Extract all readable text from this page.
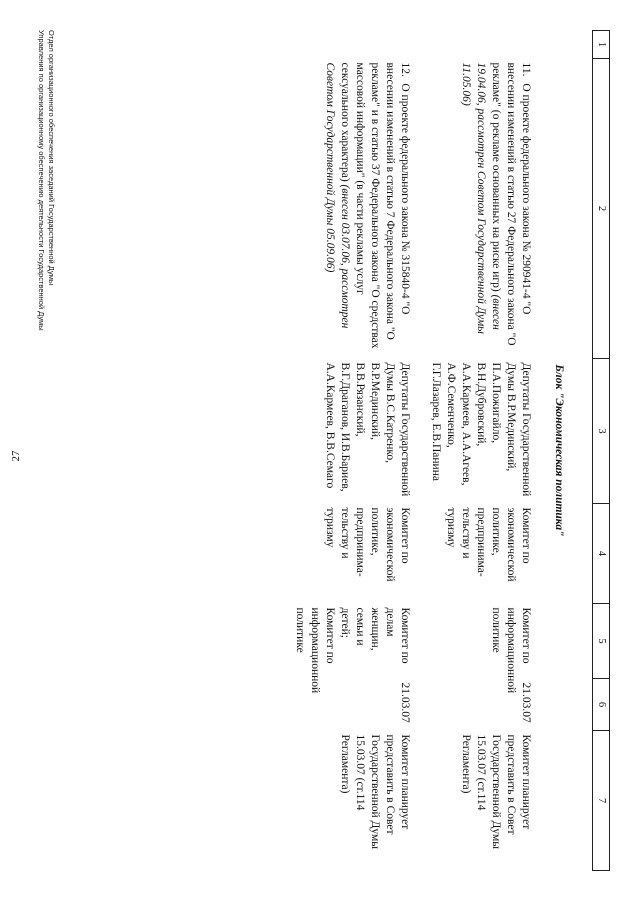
27
1	2	3	4	5	6	7
Блок "Экономическая политика"						
	11. О проекте федерального закона № 290941-4 "О внесении изменений в статью 27 Федерального закона "О рекламе" (о рекламе основанных на риске игр) (внесен 19.04.06, рассмотрен Советом Государственной Думы 11.05.06)	Депутаты Государственной Думы В.Р.Мединский, П.А.Пожигайло, В.Н.Дубровский, А.А.Кармеев, А.А.Агеев, А.Ф.Семенченко, Г.Г.Лазарев, Е.В.Панина	Комитет по экономической политике, предпринима-тельству и туризму	Комитет по информационной политике	21.03.07	Комитет планирует представить в Совет Государственной Думы 15.03.07 (ст.114 Регламента)
	12. О проекте федерального закона № 315840-4 "О внесении изменений в статью 7 Федерального закона "О рекламе" и в статью 37 Федерального закона "О средствах массовой информации" (в части рекламы услуг сексуального характера) (внесен 03.07.06, рассмотрен Советом Государственной Думы 05.09.06)	Депутаты Государственной Думы В.С.Катренко, В.Р.Мединский, В.В.Рязанский, В.Г.Драганов, И.В.Бариев, А.А.Кармеев, В.В.Семаго	Комитет по экономической политике, предпринима-тельству и туризму	Комитет по делам женщин, семьи и детей; Комитет по информационной политике	21.03.07	Комитет планирует представить в Совет Государственной Думы 15.03.07 (ст.114 Регламента)
Отдел организационного обеспечения заседаний Государственной Думы
Управления по организационному обеспечению деятельности Государственной Думы
